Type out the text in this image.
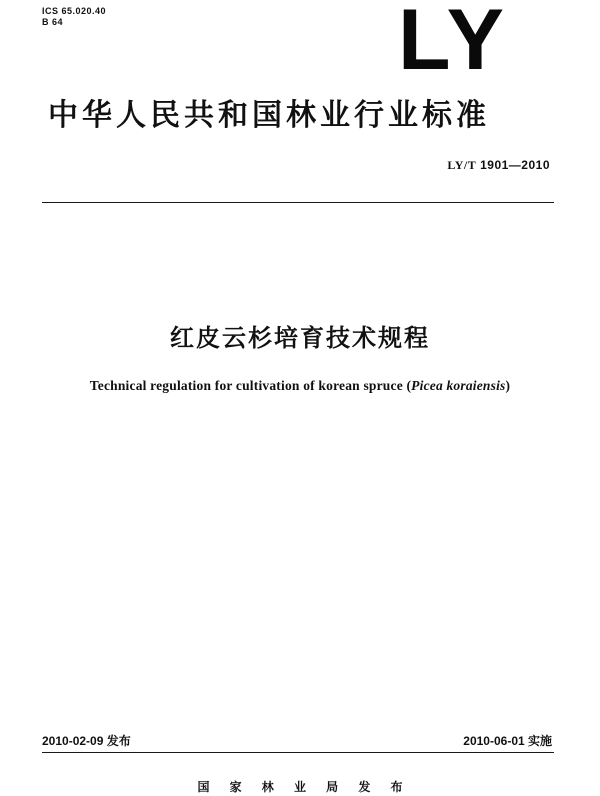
ICS 65.020.40
B 64	LY
中华人民共和国林业行业标准
LY/T 1901—2010
红皮云杉培育技术规程
Technical regulation for cultivation of korean spruce (Picea koraiensis)
2010-02-09 发布	2010-06-01 实施
国 家 林 业 局 发 布
